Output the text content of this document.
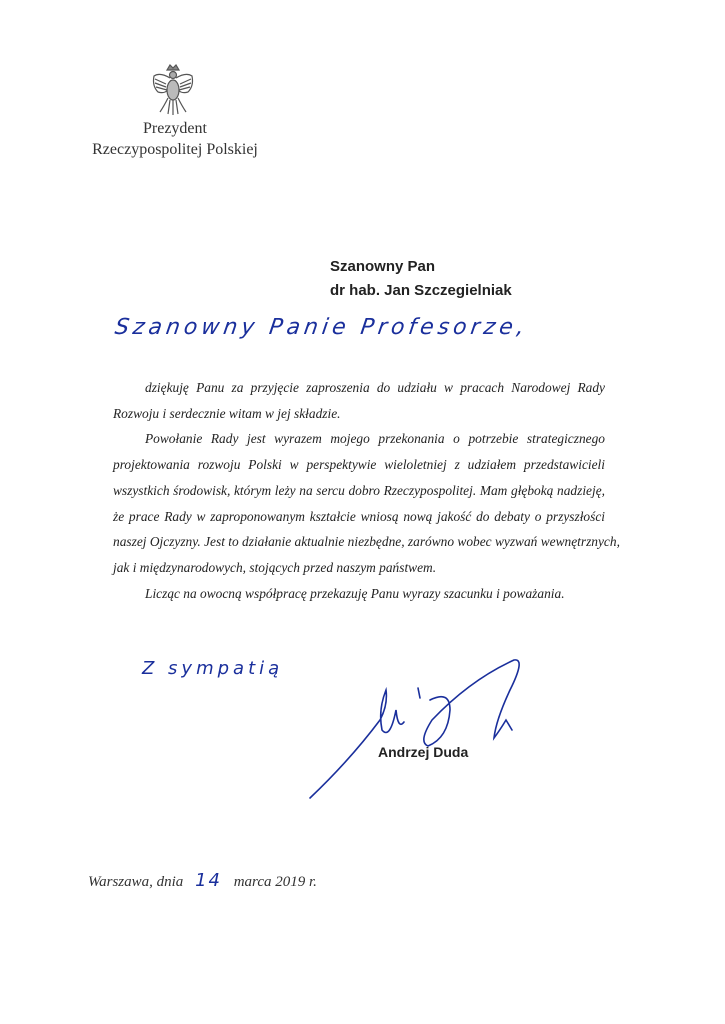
Prezydent
Rzeczypospolitej Polskiej
Szanowny Pan
dr hab. Jan Szczegielniak
Szanowny Panie Profesorze,
dziękuję Panu za przyjęcie zaproszenia do udziału w pracach Narodowej Rady
Rozwoju i serdecznie witam w jej składzie.
Powołanie Rady jest wyrazem mojego przekonania o potrzebie strategicznego
projektowania rozwoju Polski w perspektywie wieloletniej z udziałem przedstawicieli
wszystkich środowisk, którym leży na sercu dobro Rzeczypospolitej. Mam głęboką nadzieję,
że prace Rady w zaproponowanym kształcie wniosą nową jakość do debaty o przyszłości
naszej Ojczyzny. Jest to działanie aktualnie niezbędne, zarówno wobec wyzwań wewnętrznych,
jak i międzynarodowych, stojących przed naszym państwem.
Licząc na owocną współpracę przekazuję Panu wyrazy szacunku i poważania.
Z sympatią
Andrzej Duda
Warszawa, dnia 14 marca 2019 r.
